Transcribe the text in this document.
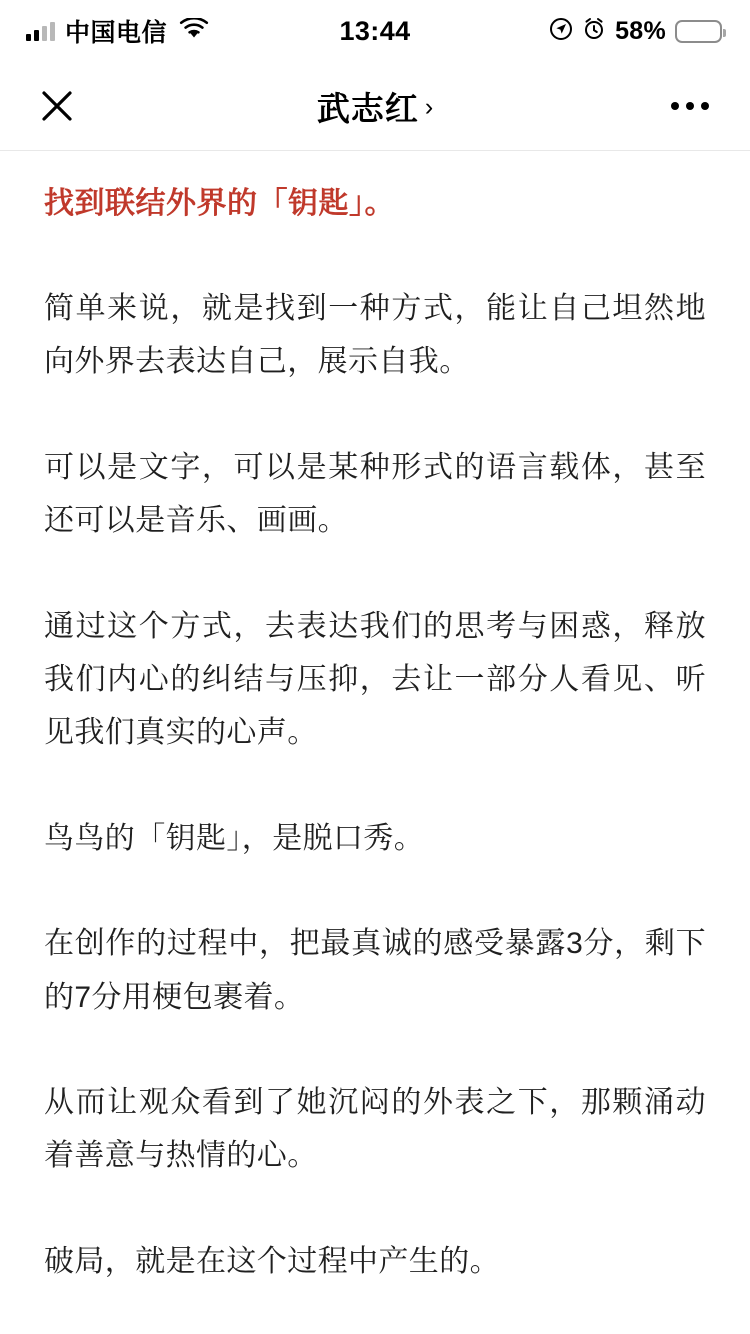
中国电信	13:44	58%
武志红 ›
找到联结外界的「钥匙」。

简单来说，就是找到一种方式，能让自己坦然地向外界去表达自己，展示自我。

可以是文字，可以是某种形式的语言载体，甚至还可以是音乐、画画。

通过这个方式，去表达我们的思考与困惑，释放我们内心的纠结与压抑，去让一部分人看见、听见我们真实的心声。

鸟鸟的「钥匙」，是脱口秀。

在创作的过程中，把最真诚的感受暴露3分，剩下的7分用梗包裹着。

从而让观众看到了她沉闷的外表之下，那颗涌动着善意与热情的心。

破局，就是在这个过程中产生的。
